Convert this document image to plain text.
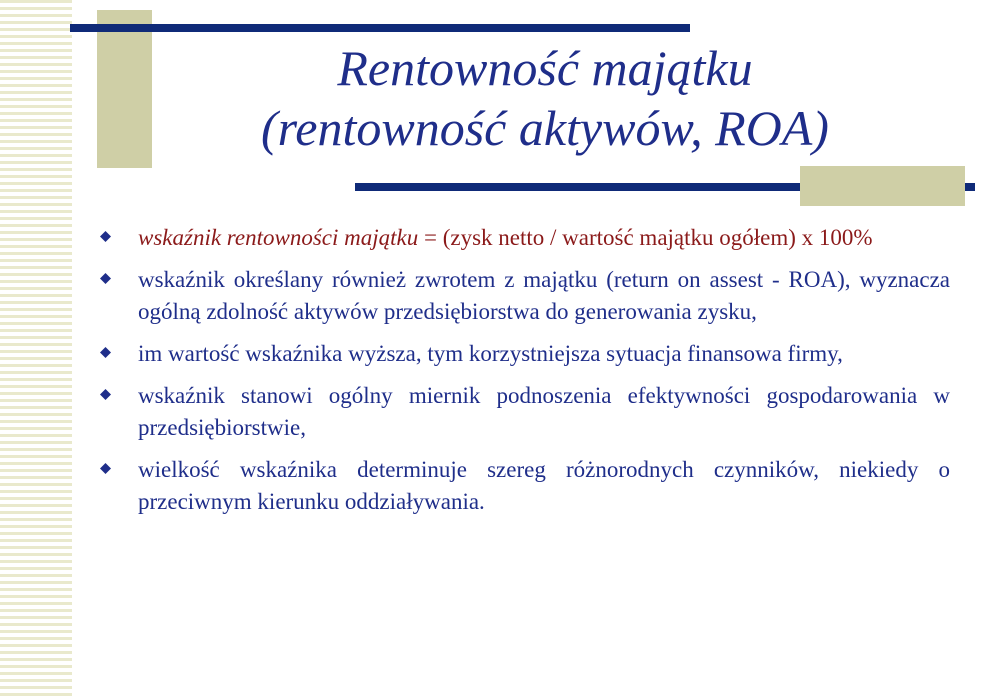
Rentowność majątku
(rentowność aktywów, ROA)
wskaźnik rentowności majątku = (zysk netto / wartość majątku ogółem) x 100%
wskaźnik określany również zwrotem z majątku (return on assest - ROA), wyznacza ogólną zdolność aktywów przedsiębiorstwa do generowania zysku,
im wartość wskaźnika wyższa, tym korzystniejsza sytuacja finansowa firmy,
wskaźnik stanowi ogólny miernik podnoszenia efektywności gospodarowania w przedsiębiorstwie,
wielkość wskaźnika determinuje szereg różnorodnych czynników, niekiedy o przeciwnym kierunku oddziaływania.
